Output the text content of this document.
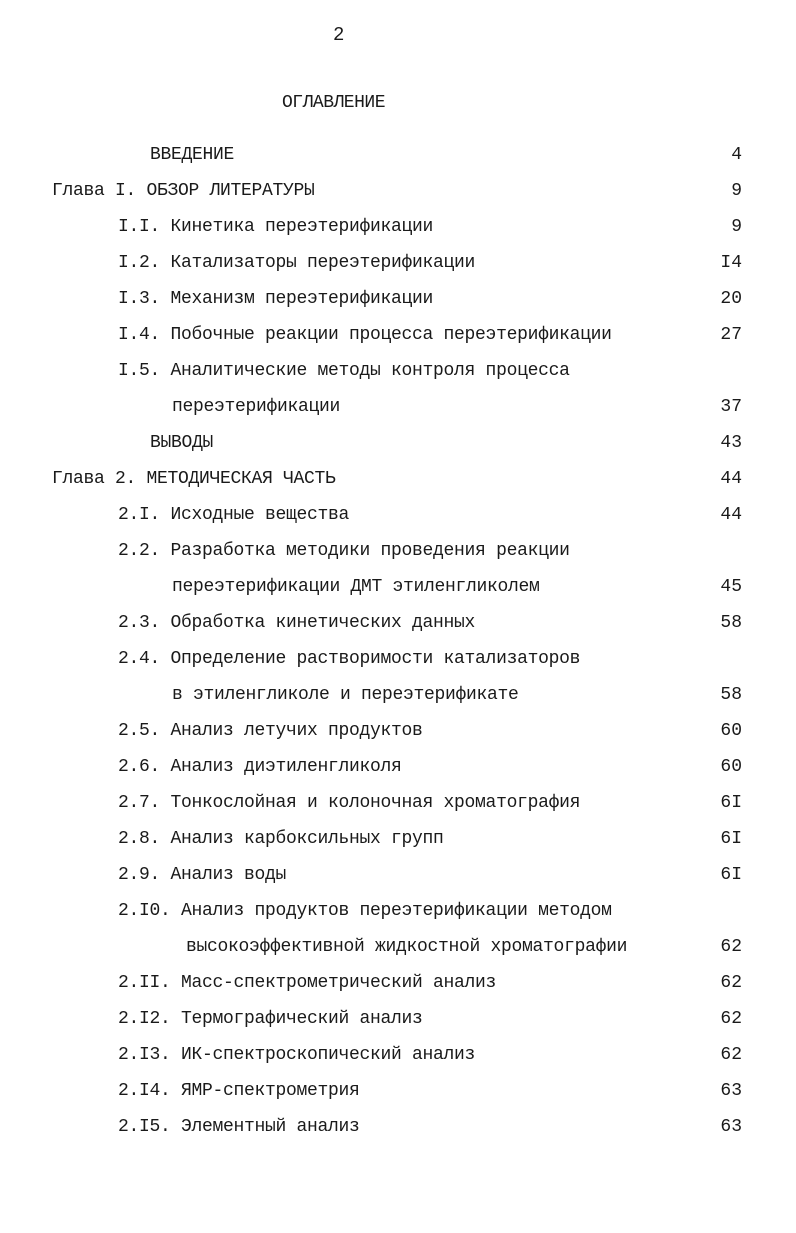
2
ОГЛАВЛЕНИЕ
ВВЕДЕНИЕ	4
Глава I. ОБЗОР ЛИТЕРАТУРЫ	9
I.I. Кинетика переэтерификации	9
I.2. Катализаторы переэтерификации	I4
I.3. Механизм переэтерификации	20
I.4. Побочные реакции процесса переэтерификации	27
I.5. Аналитические методы контроля процесса
переэтерификации	37
ВЫВОДЫ	43
Глава 2. МЕТОДИЧЕСКАЯ ЧАСТЬ	44
2.I. Исходные вещества	44
2.2. Разработка методики проведения реакции
переэтерификации ДМТ этиленгликолем	45
2.3. Обработка кинетических данных	58
2.4. Определение растворимости катализаторов
в этиленгликоле и переэтерификате	58
2.5. Анализ летучих продуктов	60
2.6. Анализ диэтиленгликоля	60
2.7. Тонкослойная и колоночная хроматография	6I
2.8. Анализ карбоксильных групп	6I
2.9. Анализ воды	6I
2.I0. Анализ продуктов переэтерификации методом
высокоэффективной жидкостной хроматографии	62
2.II. Масс-спектрометрический анализ	62
2.I2. Термографический анализ	62
2.I3. ИК-спектроскопический анализ	62
2.I4. ЯМР-спектрометрия	63
2.I5. Элементный анализ	63
